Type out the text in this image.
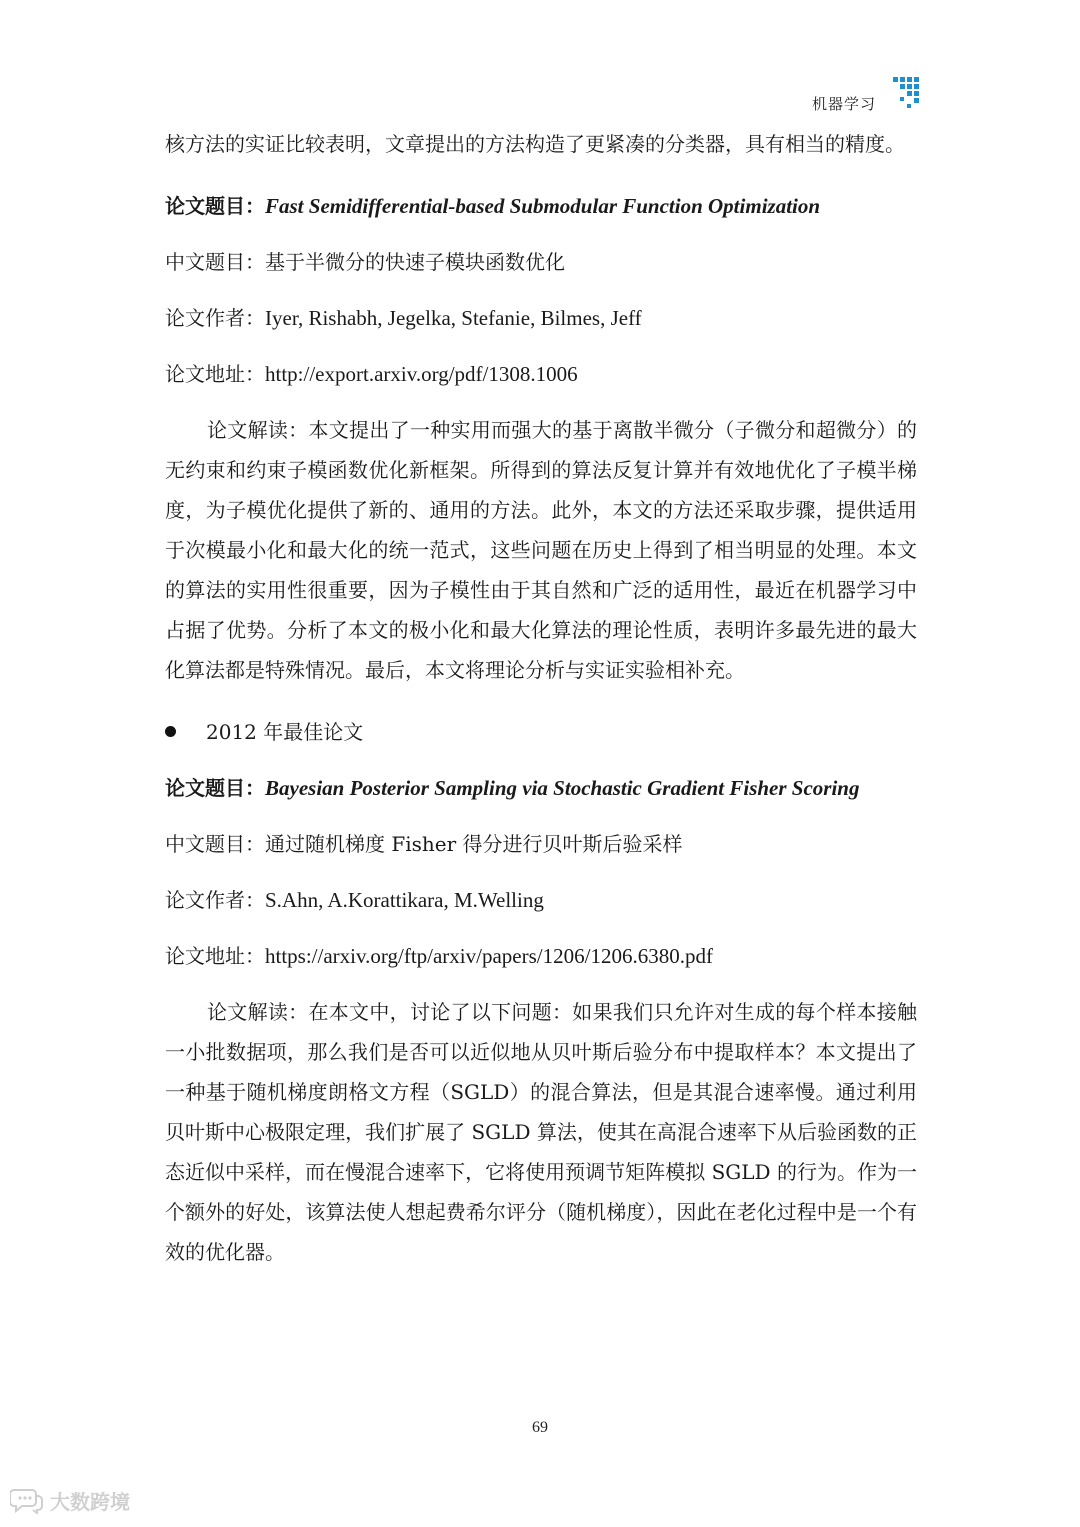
机器学习

核方法的实证比较表明，文章提出的方法构造了更紧凑的分类器，具有相当的精度。

论文题目：Fast Semidifferential-based Submodular Function Optimization

中文题目：基于半微分的快速子模块函数优化

论文作者：Iyer, Rishabh, Jegelka, Stefanie, Bilmes, Jeff

论文地址：http://export.arxiv.org/pdf/1308.1006

论文解读：本文提出了一种实用而强大的基于离散半微分（子微分和超微分）的无约束和约束子模函数优化新框架。所得到的算法反复计算并有效地优化了子模半梯度，为子模优化提供了新的、通用的方法。此外，本文的方法还采取步骤，提供适用于次模最小化和最大化的统一范式，这些问题在历史上得到了相当明显的处理。本文的算法的实用性很重要，因为子模性由于其自然和广泛的适用性，最近在机器学习中占据了优势。分析了本文的极小化和最大化算法的理论性质，表明许多最先进的最大化算法都是特殊情况。最后，本文将理论分析与实证实验相补充。

2012 年最佳论文

论文题目：Bayesian Posterior Sampling via Stochastic Gradient Fisher Scoring

中文题目：通过随机梯度 Fisher 得分进行贝叶斯后验采样

论文作者：S.Ahn, A.Korattikara, M.Welling

论文地址：https://arxiv.org/ftp/arxiv/papers/1206/1206.6380.pdf

论文解读：在本文中，讨论了以下问题：如果我们只允许对生成的每个样本接触一小批数据项，那么我们是否可以近似地从贝叶斯后验分布中提取样本？本文提出了一种基于随机梯度朗格文方程（SGLD）的混合算法，但是其混合速率慢。通过利用贝叶斯中心极限定理，我们扩展了 SGLD 算法，使其在高混合速率下从后验函数的正态近似中采样，而在慢混合速率下，它将使用预调节矩阵模拟 SGLD 的行为。作为一个额外的好处，该算法使人想起费希尔评分（随机梯度），因此在老化过程中是一个有效的优化器。

69
大数跨境
